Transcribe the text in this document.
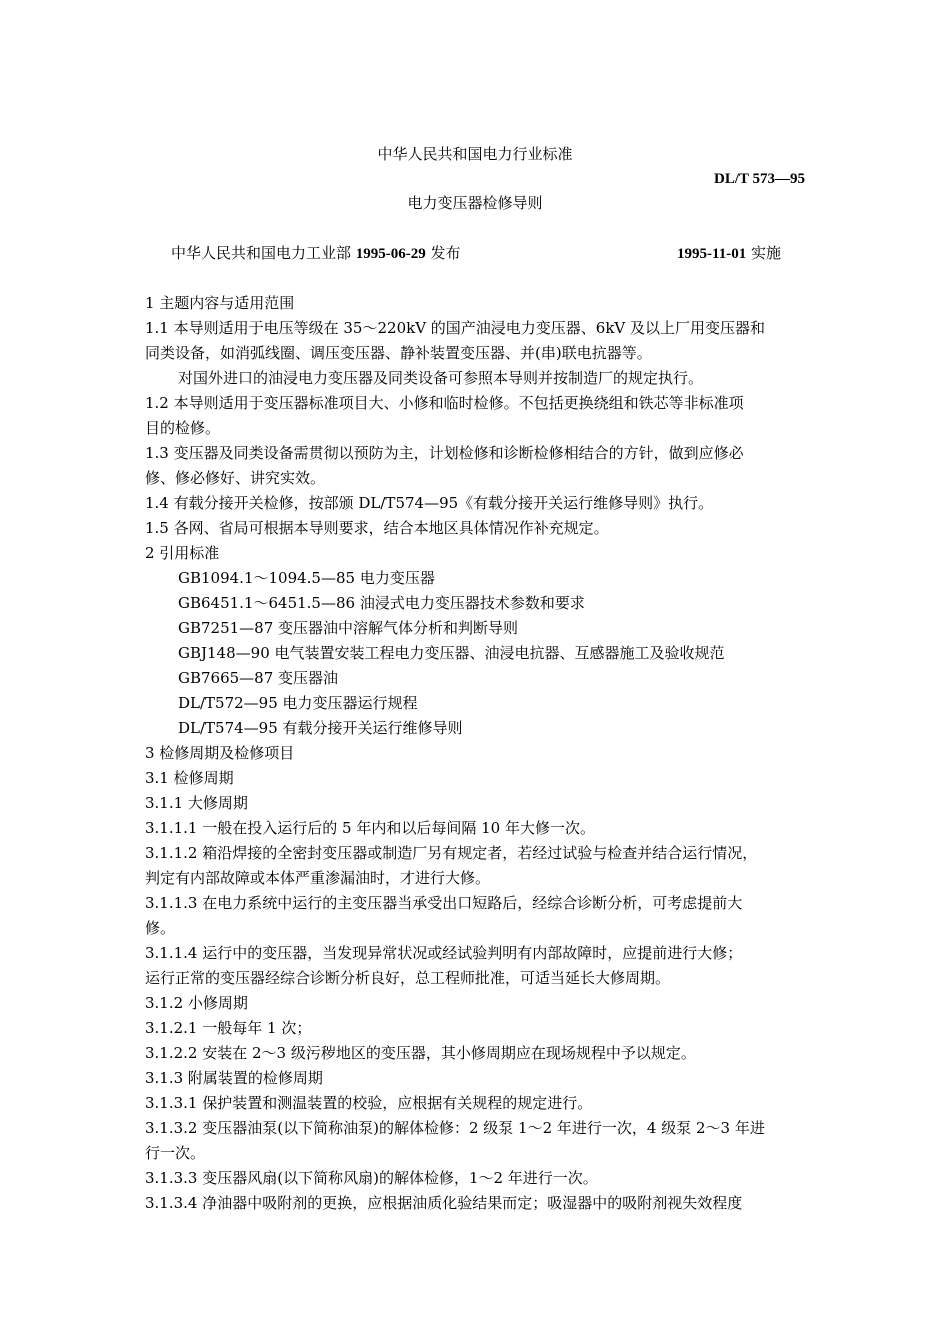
中华人民共和国电力行业标准
DL/T 573—95
电力变压器检修导则
中华人民共和国电力工业部 1995-06-29 发布	1995-11-01 实施
1 主题内容与适用范围
1.1 本导则适用于电压等级在 35～220kV 的国产油浸电力变压器、6kV 及以上厂用变压器和
同类设备，如消弧线圈、调压变压器、静补装置变压器、并(串)联电抗器等。
对国外进口的油浸电力变压器及同类设备可参照本导则并按制造厂的规定执行。
1.2 本导则适用于变压器标准项目大、小修和临时检修。不包括更换绕组和铁芯等非标准项
目的检修。
1.3 变压器及同类设备需贯彻以预防为主，计划检修和诊断检修相结合的方针，做到应修必
修、修必修好、讲究实效。
1.4 有载分接开关检修，按部颁 DL/T574—95《有载分接开关运行维修导则》执行。
1.5 各网、省局可根据本导则要求，结合本地区具体情况作补充规定。
2 引用标准
GB1094.1～1094.5—85 电力变压器
GB6451.1～6451.5—86 油浸式电力变压器技术参数和要求
GB7251—87 变压器油中溶解气体分析和判断导则
GBJ148—90 电气装置安装工程电力变压器、油浸电抗器、互感器施工及验收规范
GB7665—87 变压器油
DL/T572—95 电力变压器运行规程
DL/T574—95 有载分接开关运行维修导则
3 检修周期及检修项目
3.1 检修周期
3.1.1 大修周期
3.1.1.1 一般在投入运行后的 5 年内和以后每间隔 10 年大修一次。
3.1.1.2 箱沿焊接的全密封变压器或制造厂另有规定者，若经过试验与检查并结合运行情况，
判定有内部故障或本体严重渗漏油时，才进行大修。
3.1.1.3 在电力系统中运行的主变压器当承受出口短路后，经综合诊断分析，可考虑提前大
修。
3.1.1.4 运行中的变压器，当发现异常状况或经试验判明有内部故障时，应提前进行大修；
运行正常的变压器经综合诊断分析良好，总工程师批准，可适当延长大修周期。
3.1.2 小修周期
3.1.2.1 一般每年 1 次；
3.1.2.2 安装在 2～3 级污秽地区的变压器，其小修周期应在现场规程中予以规定。
3.1.3 附属装置的检修周期
3.1.3.1 保护装置和测温装置的校验，应根据有关规程的规定进行。
3.1.3.2 变压器油泵(以下简称油泵)的解体检修：2 级泵 1～2 年进行一次，4 级泵 2～3 年进
行一次。
3.1.3.3 变压器风扇(以下简称风扇)的解体检修，1～2 年进行一次。
3.1.3.4 净油器中吸附剂的更换，应根据油质化验结果而定；吸湿器中的吸附剂视失效程度
